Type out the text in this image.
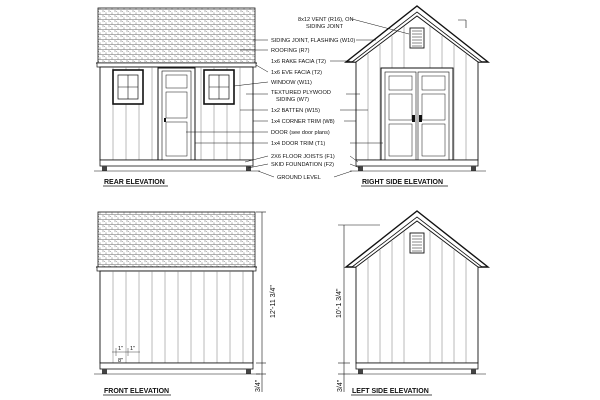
REAR ELEVATION	RIGHT SIDE ELEVATION
8x12 VENT (R16), ON
SIDING JOINT
SIDING JOINT, FLASHING (W10)
ROOFING (R7)
1x6 RAKE FACIA (T2)
1x6 EVE FACIA (T2)
WINDOW (W11)
TEXTURED PLYWOOD
SIDING (W7)
1x2 BATTEN (W15)
1x4 CORNER TRIM (W8)
DOOR (see door plans)
1x4 DOOR TRIM (T1)
2X6 FLOOR JOISTS (F1)
SKID FOUNDATION (F2)
GROUND LEVEL
1" 1"
8"
12'-11 3/4"
3/4"
FRONT ELEVATION
10'-1 3/4"
3/4" LEFT SIDE ELEVATION
